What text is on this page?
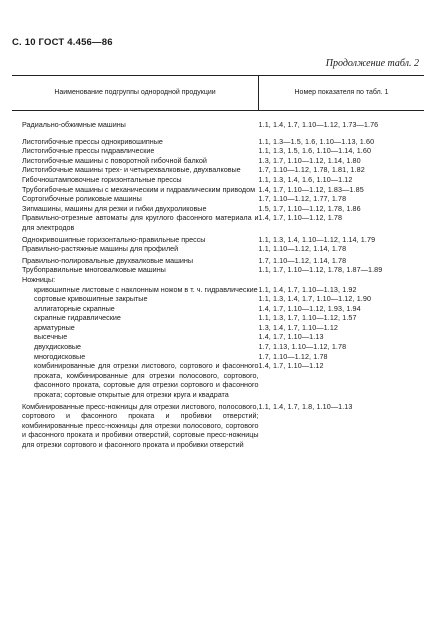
С. 10 ГОСТ 4.456—86
Продолжение табл. 2
Наименование подгруппы однородной продукции	Номер показателя по табл. 1
Радиально-обжимные машины	1.1, 1.4, 1.7, 1.10—1.12, 1.73—1.76
Листогибочные прессы однокривошипные	1.1, 1.3—1.5, 1.6, 1.10—1.13, 1.60
Листогибочные прессы гидравлические	1.1, 1.3, 1.5, 1.6, 1.10—1.14, 1.60
Листогибочные машины с поворотной гибочной балкой	1.3, 1.7, 1.10—1.12, 1.14, 1.80
Листогибочные машины трех- и четырехвалковые, двухвалковые	1.7, 1.10—1.12, 1.78, 1.81, 1.82
Гибочноштамповочные горизонтальные прессы	1.1, 1.3, 1.4, 1.6, 1.10—1.12
Трубогибочные машины с механическим и гидравлическим приводом	1.4, 1.7, 1.10—1.12, 1.83—1.85
Сортогибочные роликовые машины	1.7, 1.10—1.12, 1.77, 1.78
Зигмашины, машины для резки и гибки двухроликовые	1.5, 1.7, 1.10—1.12, 1.78, 1.86
Правильно-отрезные автоматы для круглого фасонного материала и для электродов	1.4, 1.7, 1.10—1.12, 1.78
Однокривошипные горизонтально-правильные прессы	1.1, 1.3, 1.4, 1.10—1.12, 1.14, 1.79
Правильно-растяжные машины для профилей	1.1, 1.10—1.12, 1.14, 1.78
Правильно-полировальные двухвалковые машины	1.7, 1.10—1.12, 1.14, 1.78
Трубоправильные многовалковые машины	1.1, 1.7, 1.10—1.12, 1.78, 1.87—1.89
Ножницы:	
кривошипные листовые с наклонным ножом в т. ч. гидравлические	1.1, 1.4, 1.7, 1.10—1.13, 1.92
сортовые кривошипные закрытые	1.1, 1.3, 1.4, 1.7, 1.10—1.12, 1.90
аллигаторные скрапные	1.4, 1.7, 1.10—1.12, 1.93, 1.94
скрапные гидравлические	1.1, 1.3, 1.7, 1.10—1.12, 1.57
арматурные	1.3, 1.4, 1.7, 1.10—1.12
высечные	1.4, 1.7, 1.10—1.13
двухдисковые	1.7, 1.13, 1.10—1.12, 1.78
многодисковые	1.7, 1.10—1.12, 1.78
комбинированные для отрезки листового, сортового и фасонного проката, комбинированные для отрезки полосового, сортового, фасонного проката, сортовые для отрезки сортового и фасонного проката; сортовые открытые для отрезки круга и квадрата	1.4, 1.7, 1.10—1.12
Комбинированные пресс-ножницы для отрезки листового, полосового, сортового и фасонного проката и пробивки отверстий; комбинированные пресс-ножницы для отрезки полосового, сортового и фасонного проката и пробивки отверстий, сортовые пресс-ножницы для отрезки сортового и фасонного проката и пробивки отверстий	1.1, 1.4, 1.7, 1.8, 1.10—1.13
